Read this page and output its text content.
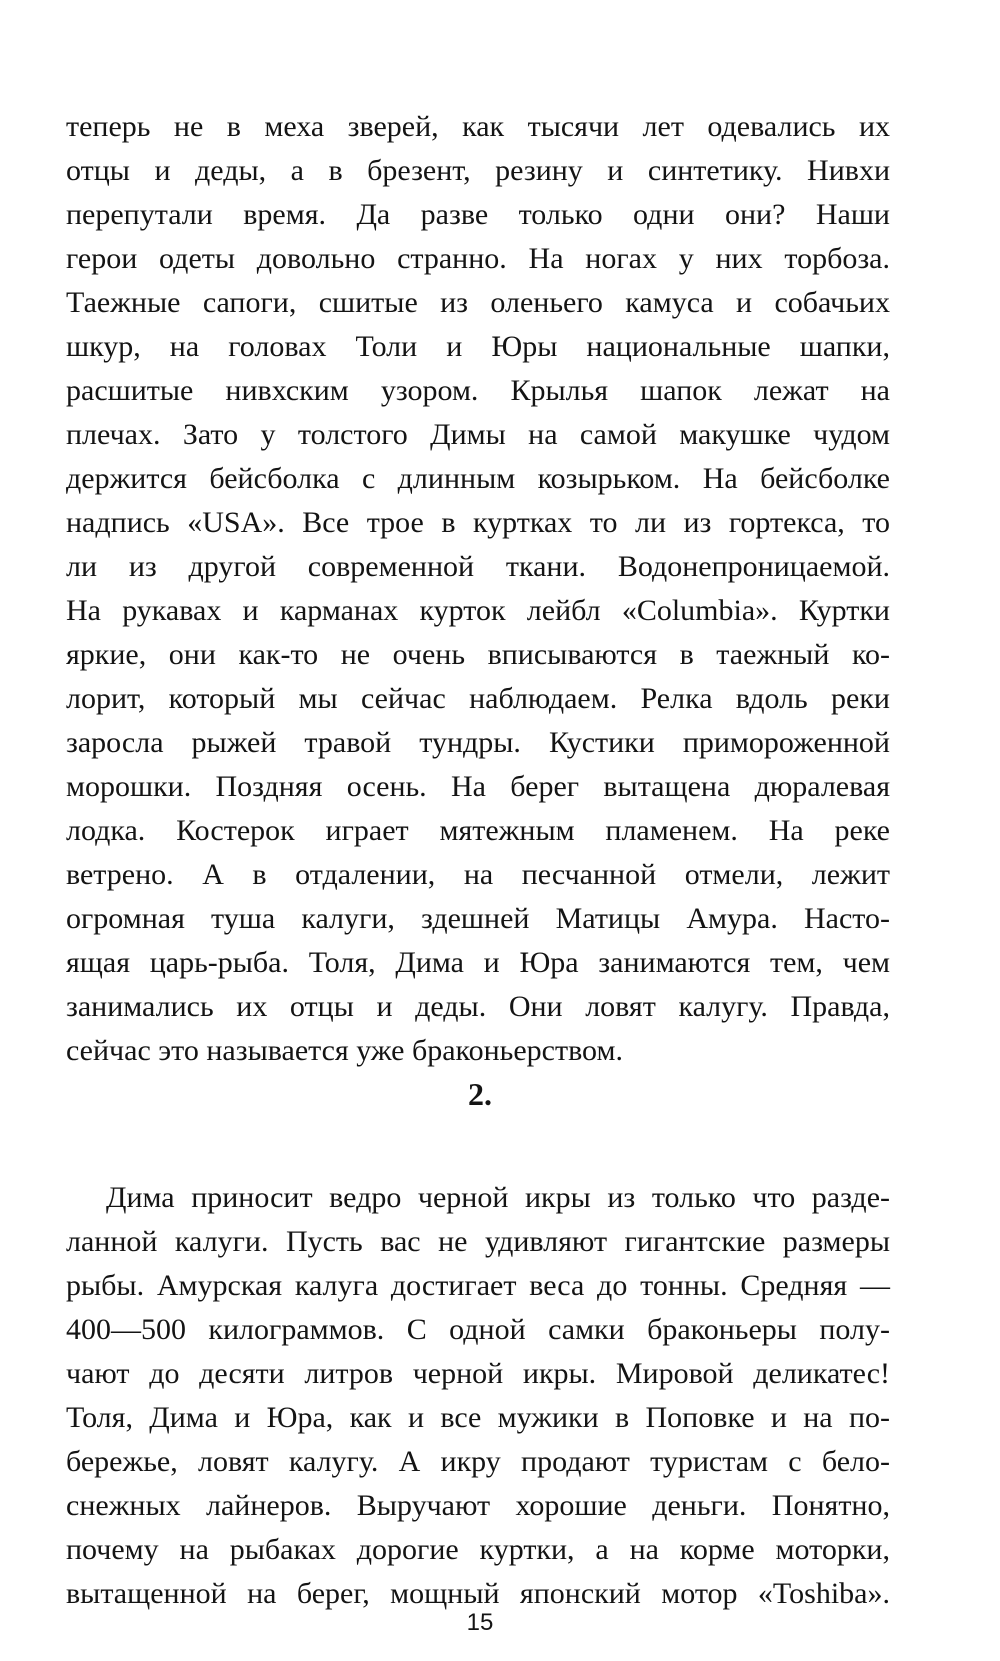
теперь не в меха зверей, как тысячи лет одевались их
отцы и деды, а в брезент, резину и синтетику. Нивхи
перепутали время. Да разве только одни они? Наши
герои одеты довольно странно. На ногах у них торбоза.
Таежные сапоги, сшитые из оленьего камуса и собачьих
шкур, на головах Толи и Юры национальные шапки,
расшитые нивхским узором. Крылья шапок лежат на
плечах. Зато у толстого Димы на самой макушке чудом
держится бейсболка с длинным козырьком. На бейсболке
надпись «USA». Все трое в куртках то ли из гортекса, то
ли из другой современной ткани. Водонепроницаемой.
На рукавах и карманах курток лейбл «Columbia». Куртки
яркие, они как-то не очень вписываются в таежный ко-
лорит, который мы сейчас наблюдаем. Релка вдоль реки
заросла рыжей травой тундры. Кустики примороженной
морошки. Поздняя осень. На берег вытащена дюралевая
лодка. Костерок играет мятежным пламенем. На реке
ветрено. А в отдалении, на песчанной отмели, лежит
огромная туша калуги, здешней Матицы Амура. Насто-
ящая царь-рыба. Толя, Дима и Юра занимаются тем, чем
занимались их отцы и деды. Они ловят калугу. Правда,
сейчас это называется уже браконьерством.
2.
Дима приносит ведро черной икры из только что разде-
ланной калуги. Пусть вас не удивляют гигантские размеры
рыбы. Амурская калуга достигает веса до тонны. Средняя —
400—500 килограммов. С одной самки браконьеры полу-
чают до десяти литров черной икры. Мировой деликатес!
Толя, Дима и Юра, как и все мужики в Поповке и на по-
бережье, ловят калугу. А икру продают туристам с бело-
снежных лайнеров. Выручают хорошие деньги. Понятно,
почему на рыбаках дорогие куртки, а на корме моторки,
вытащенной на берег, мощный японский мотор «Toshiba».
15
